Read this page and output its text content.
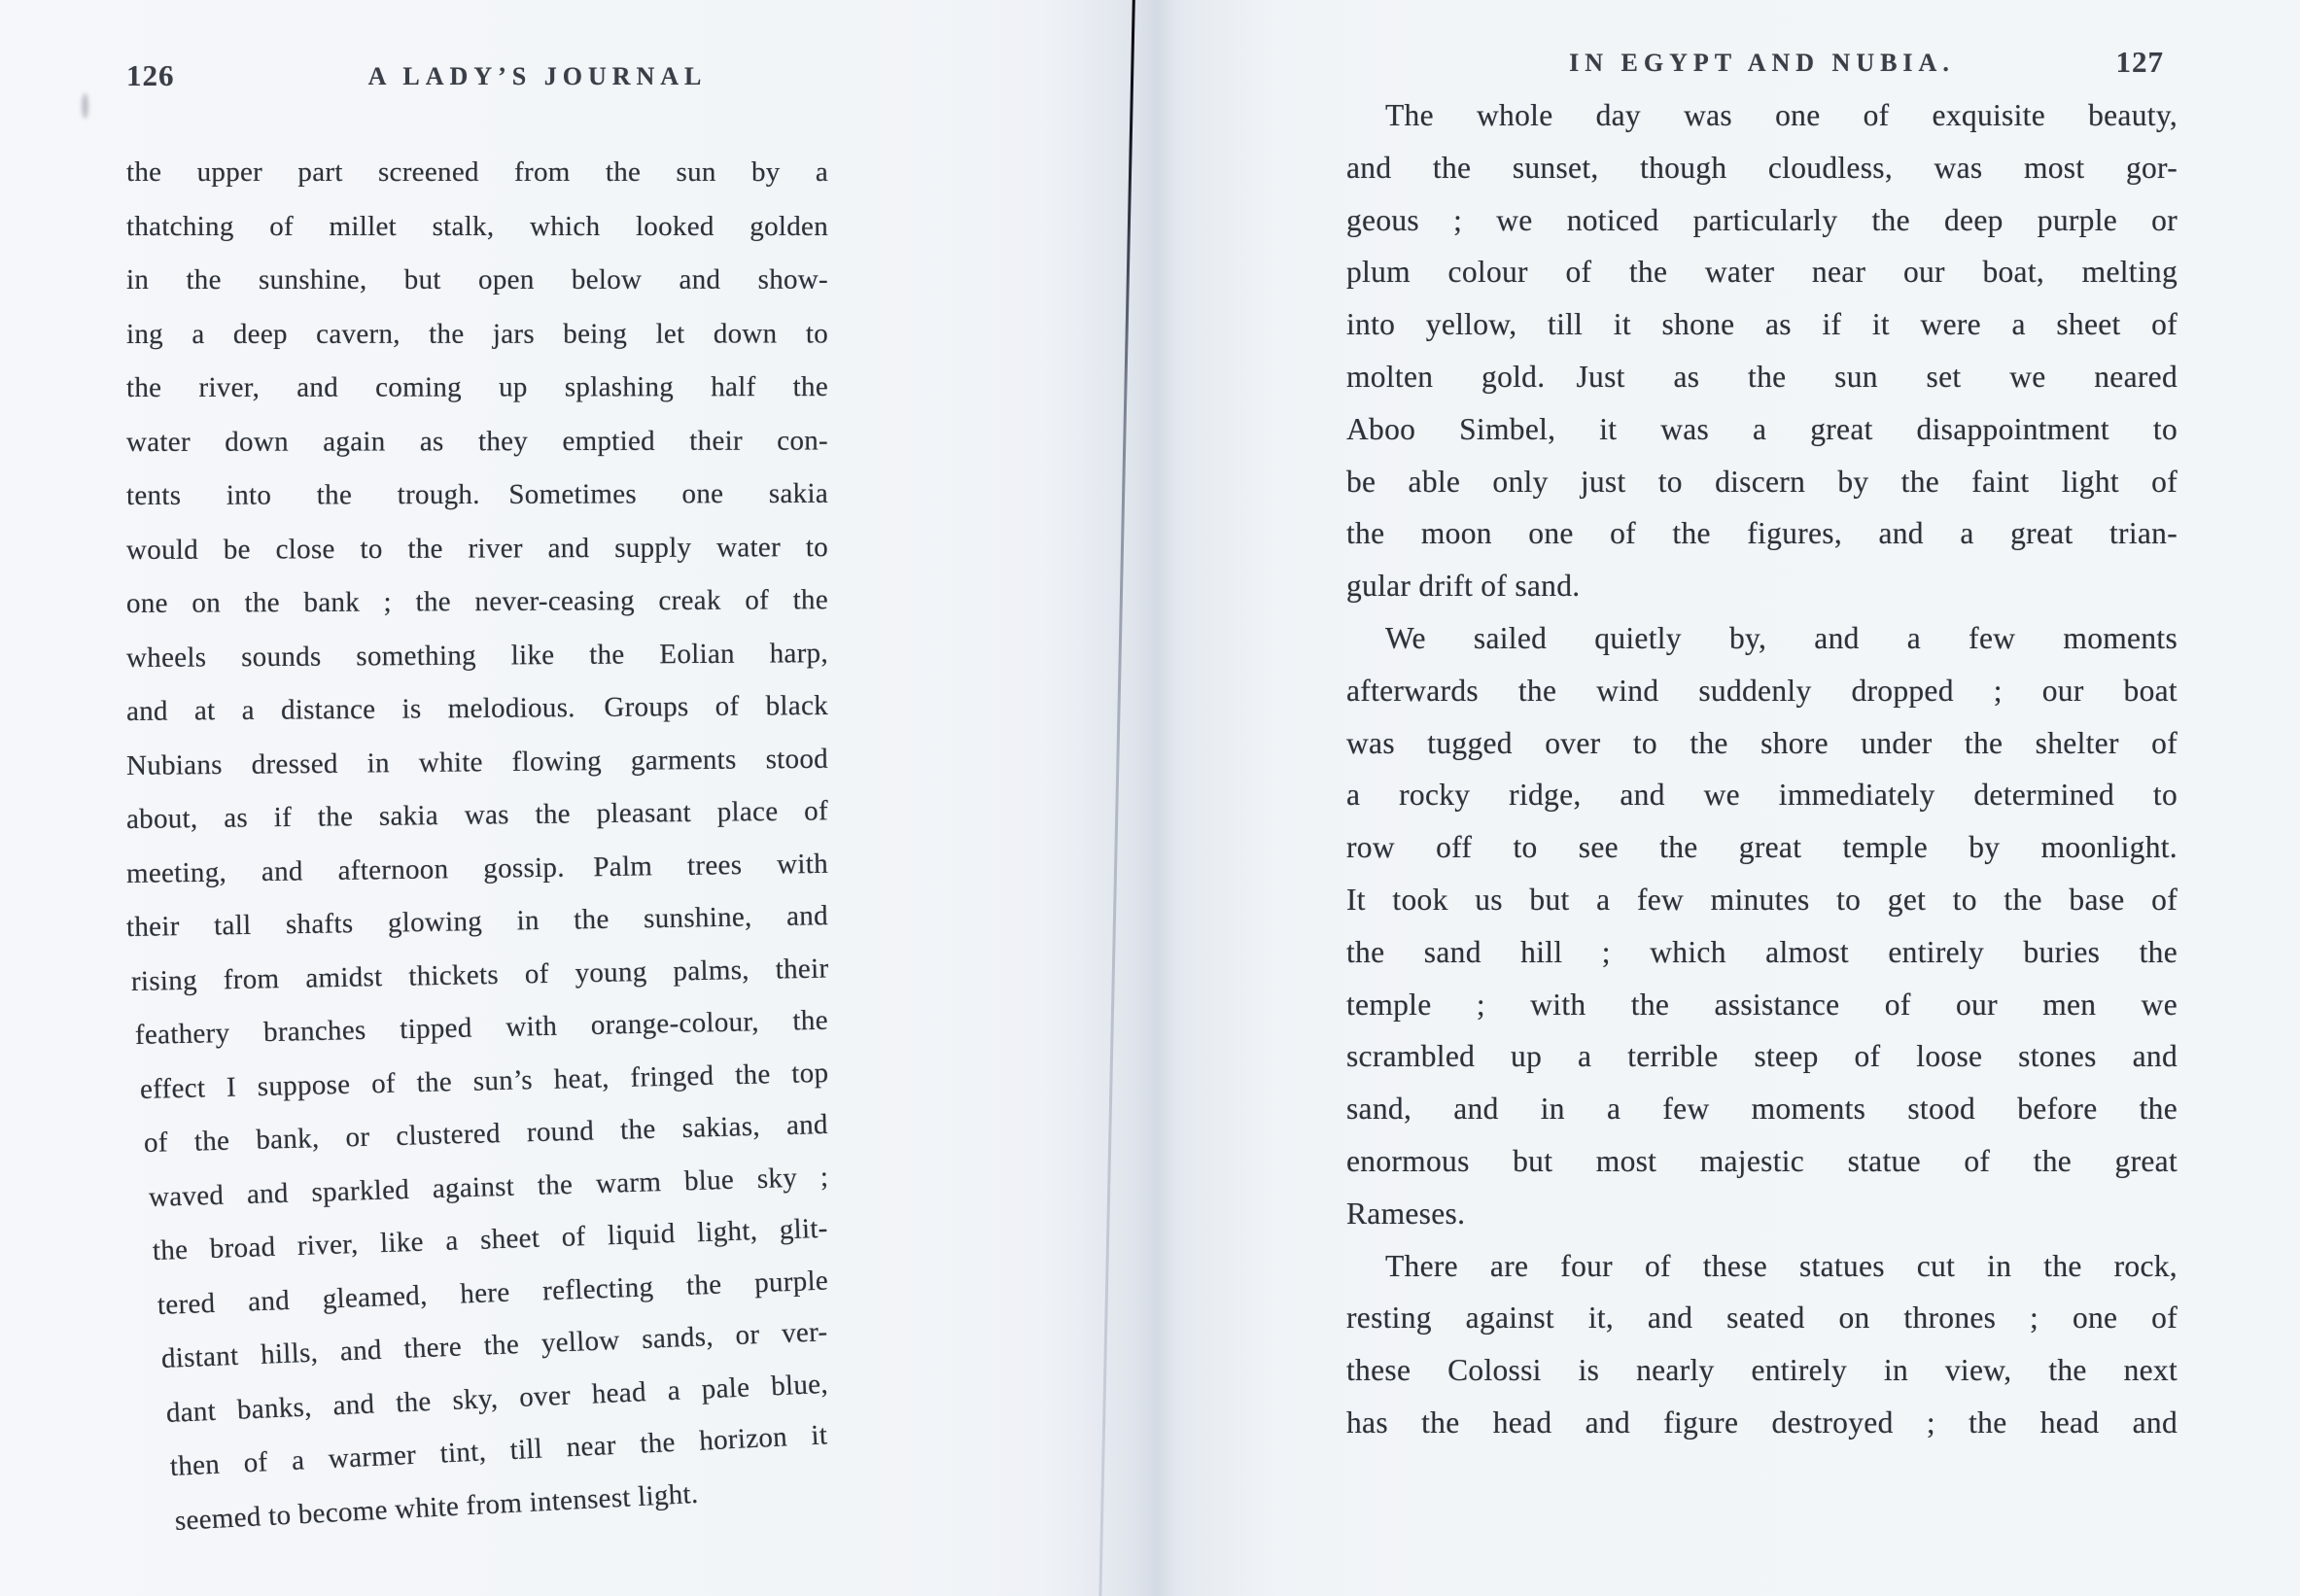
126	A LADY’S JOURNAL	IN EGYPT AND NUBIA.	127
the upper part screened from the sun by a
thatching of millet stalk, which looked golden
in the sunshine, but open below and show-
ing a deep cavern, the jars being let down to
the river, and coming up splashing half the
water down again as they emptied their con-
tents into the trough.  Sometimes one sakia
would be close to the river and supply water to
one on the bank ; the never-ceasing creak of the
wheels sounds something like the Eolian harp,
and at a distance is melodious.  Groups of black
Nubians dressed in white flowing garments stood
about, as if the sakia was the pleasant place of
meeting, and afternoon gossip.  Palm trees with
their tall shafts glowing in the sunshine, and
rising from amidst thickets of young palms, their
feathery branches tipped with orange-colour, the
effect I suppose of the sun’s heat, fringed the top
of the bank, or clustered round the sakias, and
waved and sparkled against the warm blue sky ;
the broad river, like a sheet of liquid light, glit-
tered and gleamed, here reflecting the purple
distant hills, and there the yellow sands, or ver-
dant banks, and the sky, over head a pale blue,
then of a warmer tint, till near the horizon it
seemed to become white from intensest light.
The whole day was one of exquisite beauty,
and the sunset, though cloudless, was most gor-
geous ; we noticed particularly the deep purple or
plum colour of the water near our boat, melting
into yellow, till it shone as if it were a sheet of
molten gold.  Just as the sun set we neared
Aboo Simbel, it was a great disappointment to
be able only just to discern by the faint light of
the moon one of the figures, and a great trian-
gular drift of sand.
We sailed quietly by, and a few moments
afterwards the wind suddenly dropped ; our boat
was tugged over to the shore under the shelter of
a rocky ridge, and we immediately determined to
row off to see the great temple by moonlight.
It took us but a few minutes to get to the base of
the sand hill ; which almost entirely buries the
temple ; with the assistance of our men we
scrambled up a terrible steep of loose stones and
sand, and in a few moments stood before the
enormous but most majestic statue of the great
Rameses.
There are four of these statues cut in the rock,
resting against it, and seated on thrones ; one of
these Colossi is nearly entirely in view, the next
has the head and figure destroyed ; the head and
